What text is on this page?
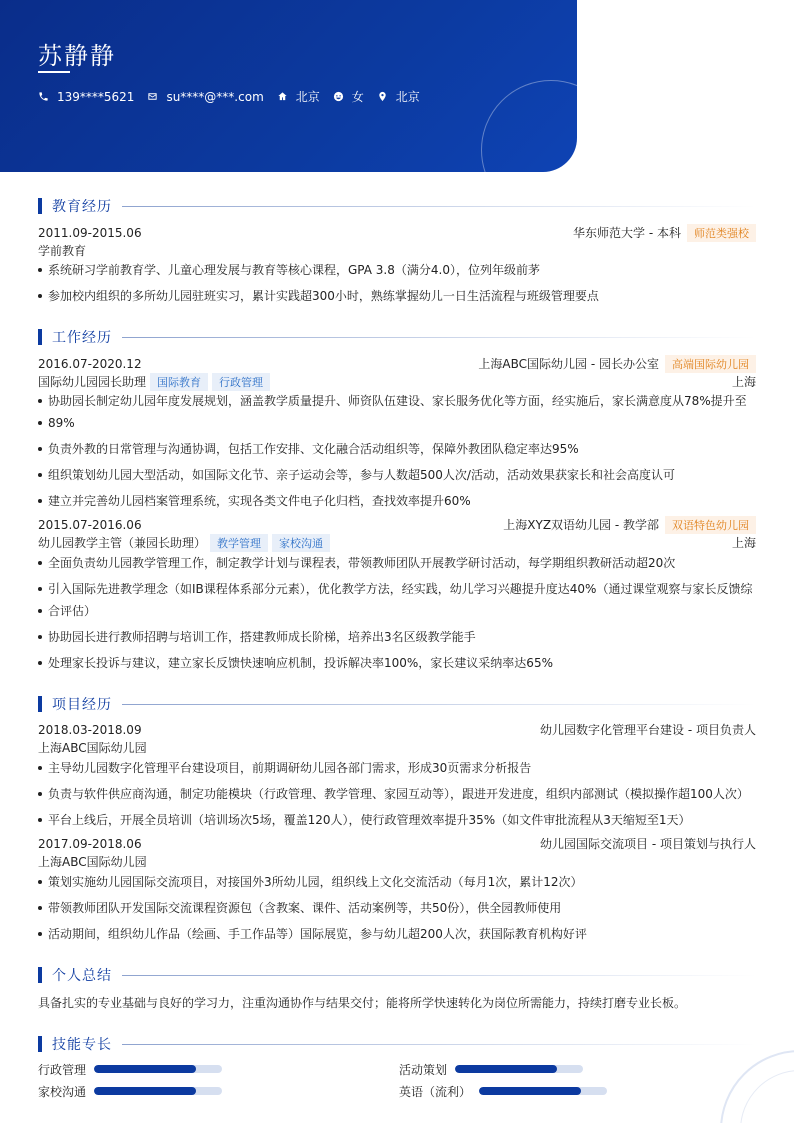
苏静静
139****5621	su****@***.com	北京	女	北京
教育经历
2011.09-2015.06	华东师范大学 - 本科	师范类强校
学前教育
系统研习学前教育学、儿童心理发展与教育等核心课程，GPA 3.8（满分4.0），位列年级前茅
参加校内组织的多所幼儿园驻班实习，累计实践超300小时，熟练掌握幼儿一日生活流程与班级管理要点
工作经历
2016.07-2020.12	上海ABC国际幼儿园 - 园长办公室	高端国际幼儿园
国际幼儿园园长助理	国际教育	行政管理	上海
协助园长制定幼儿园年度发展规划，涵盖教学质量提升、师资队伍建设、家长服务优化等方面，经实施后，家长满意度从78%提升至
89%
负责外教的日常管理与沟通协调，包括工作安排、文化融合活动组织等，保障外教团队稳定率达95%
组织策划幼儿园大型活动，如国际文化节、亲子运动会等，参与人数超500人次/活动，活动效果获家长和社会高度认可
建立并完善幼儿园档案管理系统，实现各类文件电子化归档，查找效率提升60%
2015.07-2016.06	上海XYZ双语幼儿园 - 教学部	双语特色幼儿园
幼儿园教学主管（兼园长助理）	教学管理	家校沟通	上海
全面负责幼儿园教学管理工作，制定教学计划与课程表，带领教师团队开展教学研讨活动，每学期组织教研活动超20次
引入国际先进教学理念（如IB课程体系部分元素），优化教学方法，经实践，幼儿学习兴趣提升度达40%（通过课堂观察与家长反馈综
合评估）
协助园长进行教师招聘与培训工作，搭建教师成长阶梯，培养出3名区级教学能手
处理家长投诉与建议，建立家长反馈快速响应机制，投诉解决率100%，家长建议采纳率达65%
项目经历
2018.03-2018.09	幼儿园数字化管理平台建设 - 项目负责人
上海ABC国际幼儿园
主导幼儿园数字化管理平台建设项目，前期调研幼儿园各部门需求，形成30页需求分析报告
负责与软件供应商沟通，制定功能模块（行政管理、教学管理、家园互动等），跟进开发进度，组织内部测试（模拟操作超100人次）
平台上线后，开展全员培训（培训场次5场，覆盖120人），使行政管理效率提升35%（如文件审批流程从3天缩短至1天）
2017.09-2018.06	幼儿园国际交流项目 - 项目策划与执行人
上海ABC国际幼儿园
策划实施幼儿园国际交流项目，对接国外3所幼儿园，组织线上文化交流活动（每月1次，累计12次）
带领教师团队开发国际交流课程资源包（含教案、课件、活动案例等，共50份），供全园教师使用
活动期间，组织幼儿作品（绘画、手工作品等）国际展览，参与幼儿超200人次，获国际教育机构好评
个人总结
具备扎实的专业基础与良好的学习力，注重沟通协作与结果交付；能将所学快速转化为岗位所需能力，持续打磨专业长板。
技能专长
行政管理	活动策划
家校沟通	英语（流利）
